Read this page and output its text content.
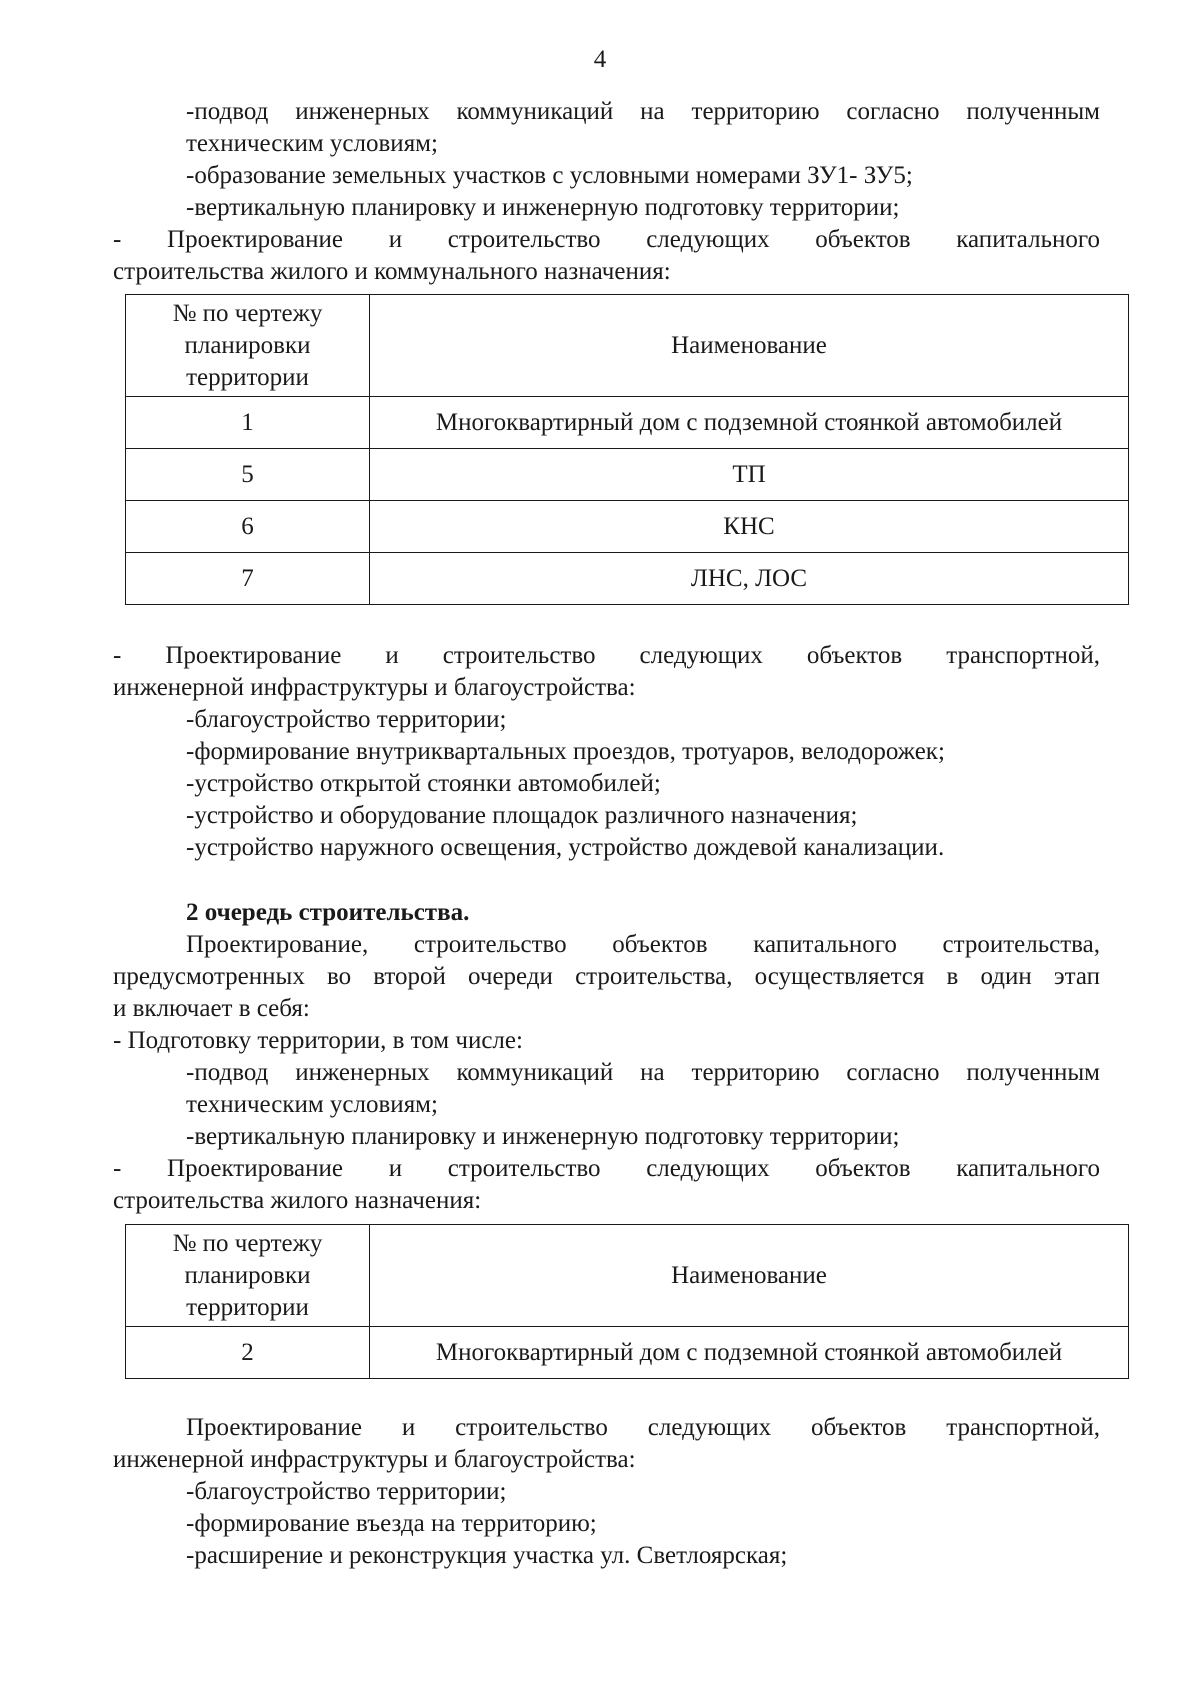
4
-подвод инженерных коммуникаций на территорию согласно полученным
техническим условиям;
-образование земельных участков с условными номерами ЗУ1- ЗУ5;
-вертикальную планировку и инженерную подготовку территории;
- Проектирование и строительство следующих объектов капитального
строительства жилого и коммунального назначения:
№ по чертежу
планировки
территории	Наименование
1	Многоквартирный дом с подземной стоянкой автомобилей
5	ТП
6	КНС
7	ЛНС, ЛОС
- Проектирование и строительство следующих объектов транспортной,
инженерной инфраструктуры и благоустройства:
-благоустройство территории;
-формирование внутриквартальных проездов, тротуаров, велодорожек;
-устройство открытой стоянки автомобилей;
-устройство и оборудование площадок различного назначения;
-устройство наружного освещения, устройство дождевой канализации.
2 очередь строительства.
Проектирование, строительство объектов капитального строительства,
предусмотренных во второй очереди строительства, осуществляется в один этап
и включает в себя:
- Подготовку территории, в том числе:
-подвод инженерных коммуникаций на территорию согласно полученным
техническим условиям;
-вертикальную планировку и инженерную подготовку территории;
- Проектирование и строительство следующих объектов капитального
строительства жилого назначения:
№ по чертежу
планировки
территории	Наименование
2	Многоквартирный дом с подземной стоянкой автомобилей
Проектирование и строительство следующих объектов транспортной,
инженерной инфраструктуры и благоустройства:
-благоустройство территории;
-формирование въезда на территорию;
-расширение и реконструкция участка ул. Светлоярская;
